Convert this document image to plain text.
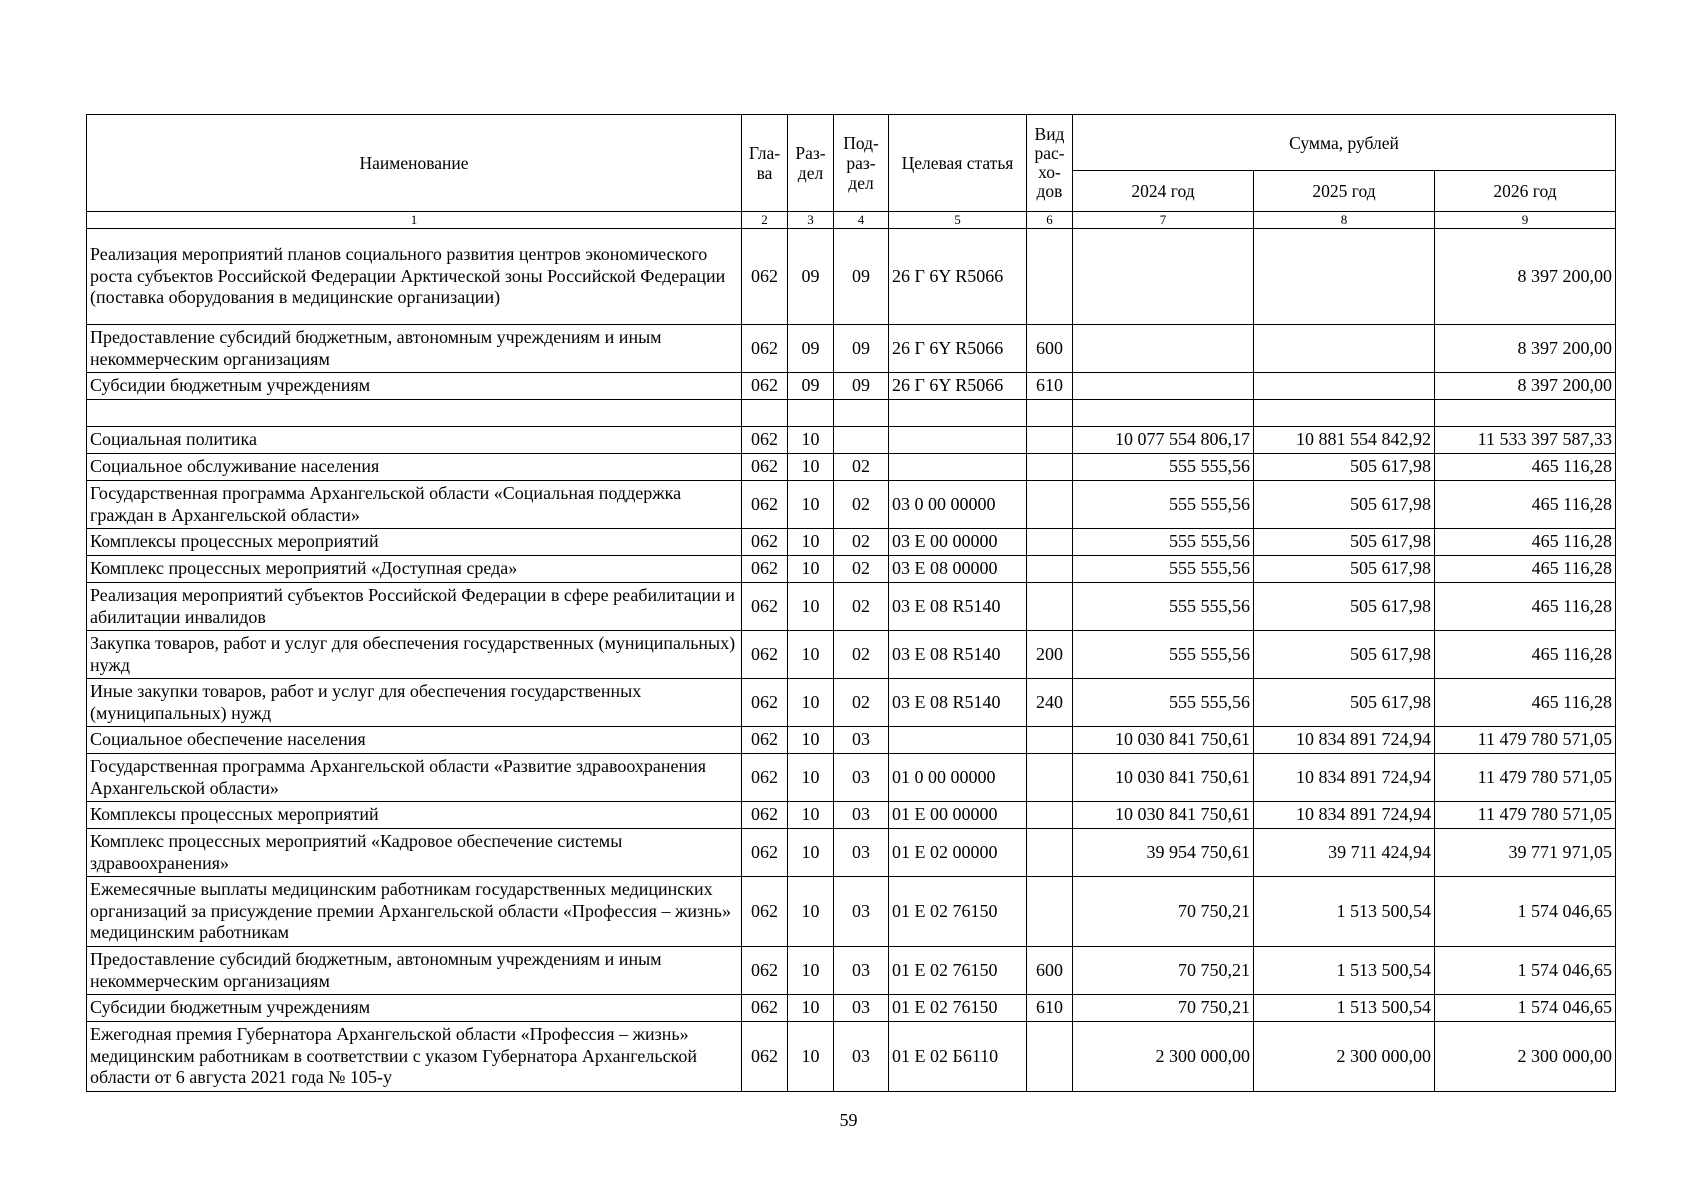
Наименование	Гла-ва	Раз-дел	Под-раз-дел	Целевая статья	Вид
рас-
хо-
дов	Сумма, рублей		
						2024 год	2025 год	2026 год
1	2	3	4	5	6	7	8	9
Реализация мероприятий планов социального развития центров экономического роста субъектов Российской Федерации Арктической зоны Российской Федерации (поставка оборудования в медицинские организации)	062	09	09	26 Г 6Y R5066				8 397 200,00
Предоставление субсидий бюджетным, автономным учреждениям и иным некоммерческим организациям	062	09	09	26 Г 6Y R5066	600			8 397 200,00
Субсидии бюджетным учреждениям	062	09	09	26 Г 6Y R5066	610			8 397 200,00

Социальная политика	062	10				10 077 554 806,17	10 881 554 842,92	11 533 397 587,33
Социальное обслуживание населения	062	10	02			555 555,56	505 617,98	465 116,28
Государственная программа Архангельской области «Социальная поддержка граждан в Архангельской области»	062	10	02	03 0 00 00000		555 555,56	505 617,98	465 116,28
Комплексы процессных мероприятий	062	10	02	03 Е 00 00000		555 555,56	505 617,98	465 116,28
Комплекс процессных мероприятий «Доступная среда»	062	10	02	03 Е 08 00000		555 555,56	505 617,98	465 116,28
Реализация мероприятий субъектов Российской Федерации в сфере реабилитации и абилитации инвалидов	062	10	02	03 Е 08 R5140		555 555,56	505 617,98	465 116,28
Закупка товаров, работ и услуг для обеспечения государственных (муниципальных) нужд	062	10	02	03 Е 08 R5140	200	555 555,56	505 617,98	465 116,28
Иные закупки товаров, работ и услуг для обеспечения государственных (муниципальных) нужд	062	10	02	03 Е 08 R5140	240	555 555,56	505 617,98	465 116,28
Социальное обеспечение населения	062	10	03			10 030 841 750,61	10 834 891 724,94	11 479 780 571,05
Государственная программа Архангельской области «Развитие здравоохранения Архангельской области»	062	10	03	01 0 00 00000		10 030 841 750,61	10 834 891 724,94	11 479 780 571,05
Комплексы процессных мероприятий	062	10	03	01 Е 00 00000		10 030 841 750,61	10 834 891 724,94	11 479 780 571,05
Комплекс процессных мероприятий «Кадровое обеспечение системы здравоохранения»	062	10	03	01 Е 02 00000		39 954 750,61	39 711 424,94	39 771 971,05
Ежемесячные выплаты медицинским работникам государственных медицинских организаций за присуждение премии Архангельской области «Профессия – жизнь» медицинским работникам	062	10	03	01 Е 02 76150		70 750,21	1 513 500,54	1 574 046,65
Предоставление субсидий бюджетным, автономным учреждениям и иным некоммерческим организациям	062	10	03	01 Е 02 76150	600	70 750,21	1 513 500,54	1 574 046,65
Субсидии бюджетным учреждениям	062	10	03	01 Е 02 76150	610	70 750,21	1 513 500,54	1 574 046,65
Ежегодная премия Губернатора Архангельской области «Профессия – жизнь» медицинским работникам в соответствии с указом Губернатора Архангельской области от 6 августа 2021 года № 105-у	062	10	03	01 Е 02 Б6110		2 300 000,00	2 300 000,00	2 300 000,00
59
